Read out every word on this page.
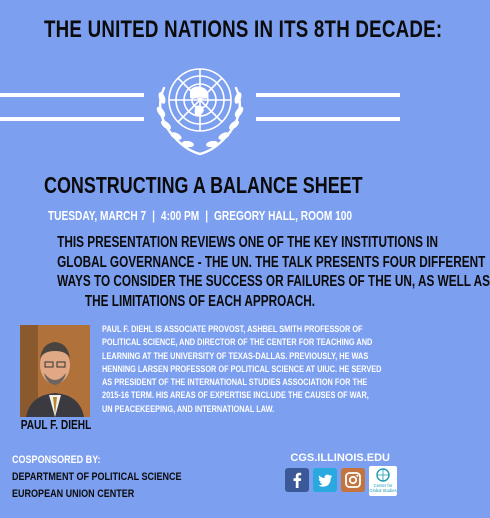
THE UNITED NATIONS IN ITS 8TH DECADE:
CONSTRUCTING A BALANCE SHEET
TUESDAY, MARCH 7 | 4:00 PM | GREGORY HALL, ROOM 100
THIS PRESENTATION REVIEWS ONE OF THE KEY INSTITUTIONS IN
GLOBAL GOVERNANCE - THE UN. THE TALK PRESENTS FOUR DIFFERENT
WAYS TO CONSIDER THE SUCCESS OR FAILURES OF THE UN, AS WELL AS
THE LIMITATIONS OF EACH APPROACH.
PAUL F. DIEHL
PAUL F. DIEHL IS ASSOCIATE PROVOST, ASHBEL SMITH PROFESSOR OF
POLITICAL SCIENCE, AND DIRECTOR OF THE CENTER FOR TEACHING AND
LEARNING AT THE UNIVERSITY OF TEXAS-DALLAS. PREVIOUSLY, HE WAS
HENNING LARSEN PROFESSOR OF POLITICAL SCIENCE AT UIUC. HE SERVED
AS PRESIDENT OF THE INTERNATIONAL STUDIES ASSOCIATION FOR THE
2015-16 TERM. HIS AREAS OF EXPERTISE INCLUDE THE CAUSES OF WAR,
UN PEACEKEEPING, AND INTERNATIONAL LAW.
COSPONSORED BY:
DEPARTMENT OF POLITICAL SCIENCE
EUROPEAN UNION CENTER
CGS.ILLINOIS.EDU
Center for
Global Studies
